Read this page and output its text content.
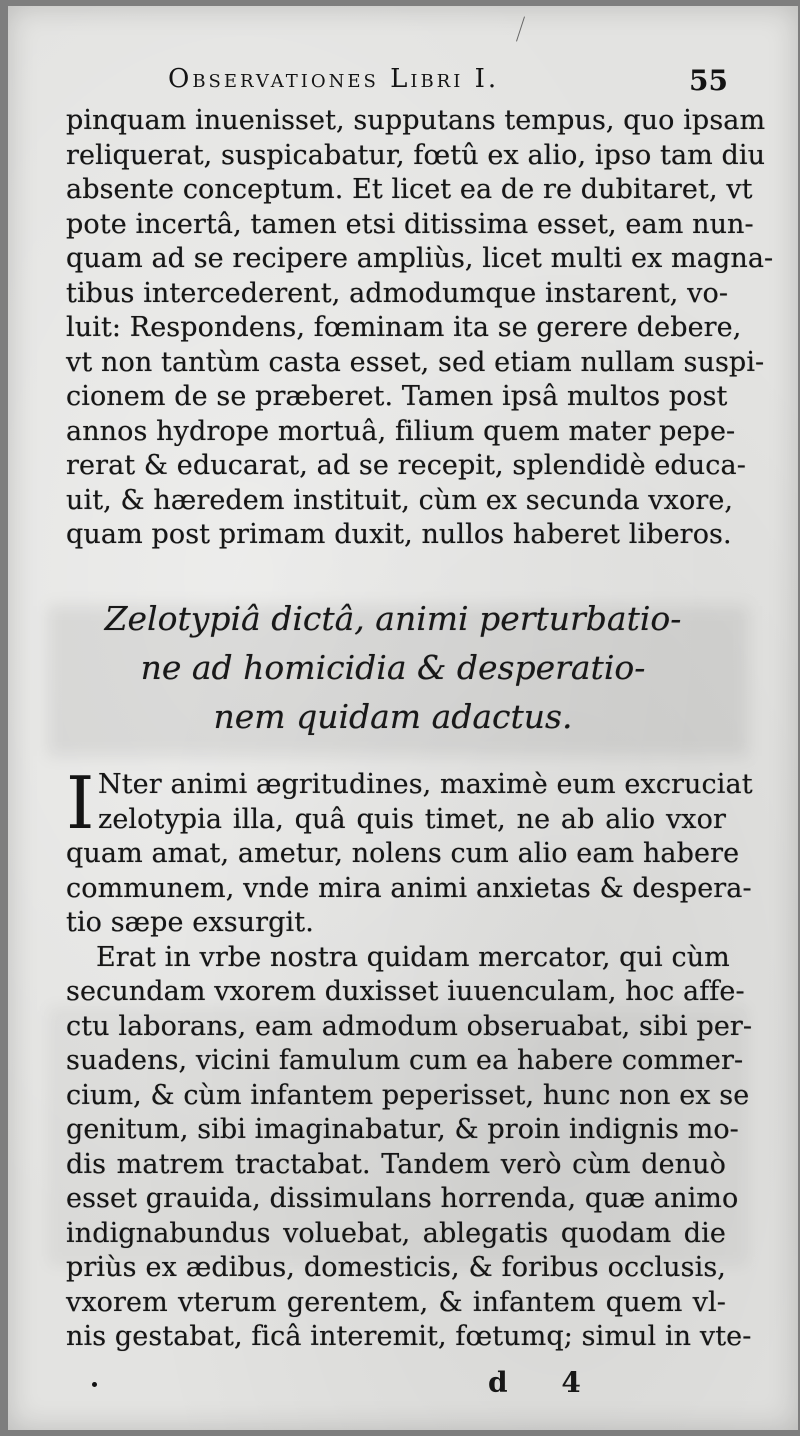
Observationes Libri I.	55
pinquam inuenisset, supputans tempus, quo ipsam
reliquerat, suspicabatur, fœtû ex alio, ipso tam diu
absente conceptum. Et licet ea de re dubitaret, vt
pote incertâ, tamen etsi ditissima esset, eam nun-
quam ad se recipere ampliùs, licet multi ex magna-
tibus intercederent, admodumque instarent, vo-
luit: Respondens, fœminam ita se gerere debere,
vt non tantùm casta esset, sed etiam nullam suspi-
cionem de se præberet. Tamen ipsâ multos post
annos hydrope mortuâ, filium quem mater pepe-
rerat & educarat, ad se recepit, splendidè educa-
uit, & hæredem instituit, cùm ex secunda vxore,
quam post primam duxit, nullos haberet liberos.
Zelotypiâ dictâ, animi perturbatio-
ne ad homicidia & desperatio-
nem quidam adactus.
I Nter animi ægritudines, maximè eum excruciat
zelotypia illa, quâ quis timet, ne ab alio vxor
quam amat, ametur, nolens cum alio eam habere
communem, vnde mira animi anxietas & despera-
tio sæpe exsurgit.
Erat in vrbe nostra quidam mercator, qui cùm
secundam vxorem duxisset iuuenculam, hoc affe-
ctu laborans, eam admodum obseruabat, sibi per-
suadens, vicini famulum cum ea habere commer-
cium, & cùm infantem peperisset, hunc non ex se
genitum, sibi imaginabatur, & proin indignis mo-
dis matrem tractabat. Tandem verò cùm denuò
esset grauida, dissimulans horrenda, quæ animo
indignabundus voluebat, ablegatis quodam die
priùs ex ædibus, domesticis, & foribus occlusis,
vxorem vterum gerentem, & infantem quem vl-
nis gestabat, ficâ interemit, fœtumq; simul in vte-
d 4
